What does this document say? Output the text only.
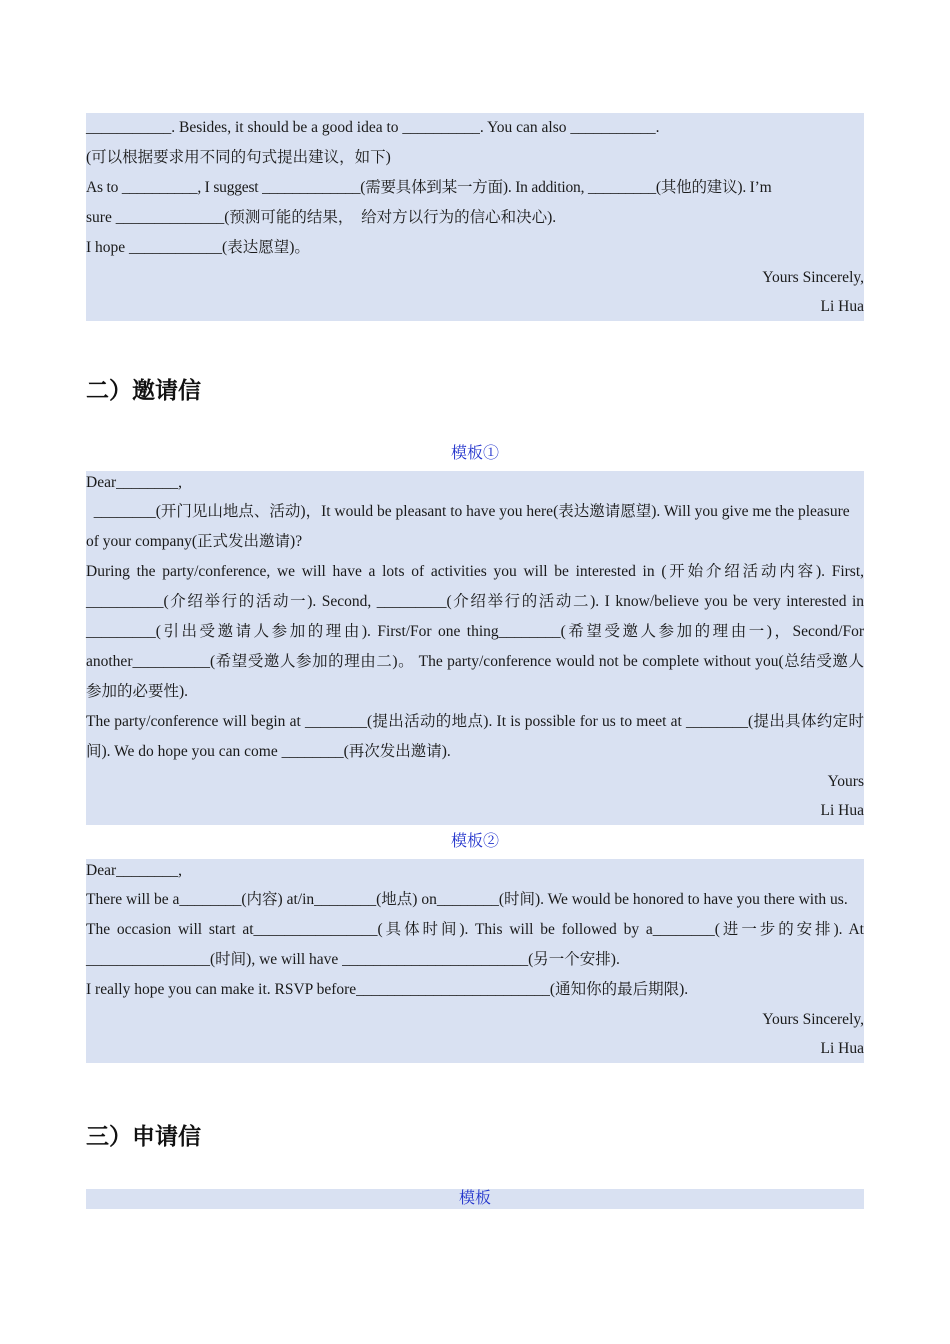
___________. Besides, it should be a good idea to __________. You can also ___________.

(可以根据要求用不同的句式提出建议，如下)

As to __________, I suggest _____________(需要具体到某一方面). In addition, _________(其他的建议). I’m

sure ______________(预测可能的结果，　给对方以行为的信心和决心).

I hope ____________(表达愿望)。

Yours Sincerely,

Li Hua

二）邀请信
模板①

Dear________,

________(开门见山地点、活动)，It would be pleasant to have you here(表达邀请愿望). Will you give me the pleasure of your company(正式发出邀请)?

During the party/conference, we will have a lots of activities you will be interested in (开始介绍活动内容). First, __________(介绍举行的活动一). Second, _________(介绍举行的活动二). I know/believe you be very interested in _________(引出受邀请人参加的理由). First/For one thing________(希望受邀人参加的理由一)，Second/For another__________(希望受邀人参加的理由二)。 The party/conference would not be complete without you(总结受邀人参加的必要性).

The party/conference will begin at ________(提出活动的地点). It is possible for us to meet at ________(提出具体约定时间). We do hope you can come ________(再次发出邀请).

Yours

Li Hua

模板②

Dear________,

There will be a________(内容) at/in________(地点) on________(时间). We would be honored to have you there with us.

The occasion will start at________________(具体时间). This will be followed by a________(进一步的安排). At ________________(时间), we will have ________________________(另一个安排).

I really hope you can make it. RSVP before_________________________(通知你的最后期限).

Yours Sincerely,

Li Hua

三）申请信
模板
